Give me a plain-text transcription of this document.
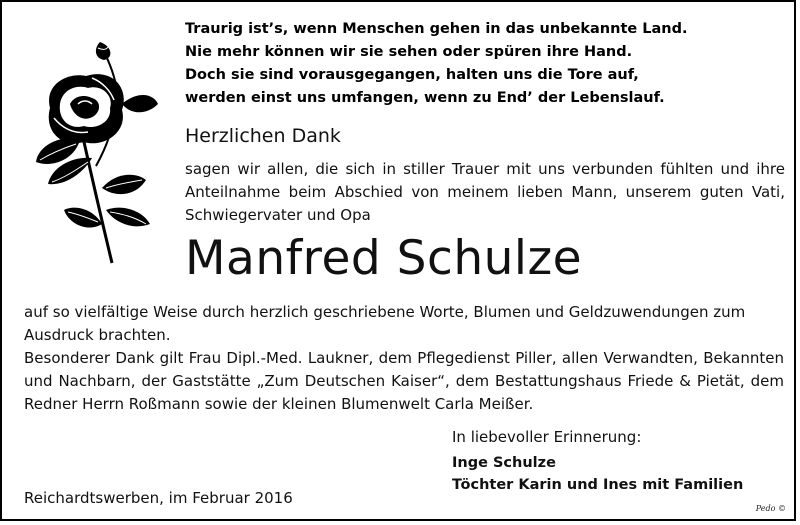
Traurig ist’s, wenn Menschen gehen in das unbekannte Land.
Nie mehr können wir sie sehen oder spüren ihre Hand.
Doch sie sind vorausgegangen, halten uns die Tore auf,
werden einst uns umfangen, wenn zu End’ der Lebenslauf.
Herzlichen Dank
sagen wir allen, die sich in stiller Trauer mit uns verbunden fühlten und ihre Anteilnahme beim Abschied von meinem lieben Mann, unserem guten Vati, Schwiegervater und Opa
Manfred Schulze
auf so vielfältige Weise durch herzlich geschriebene Worte, Blumen und Geldzuwendungen zum Ausdruck brachten.
Besonderer Dank gilt Frau Dipl.-Med. Laukner, dem Pflegedienst Piller, allen Verwandten, Bekannten und Nachbarn, der Gaststätte „Zum Deutschen Kaiser“, dem Bestattungshaus Friede & Pietät, dem Redner Herrn Roßmann sowie der kleinen Blumenwelt Carla Meißer.
In liebevoller Erinnerung:
Inge Schulze
Töchter Karin und Ines mit Familien
Reichardtswerben, im Februar 2016
Pedo ©
